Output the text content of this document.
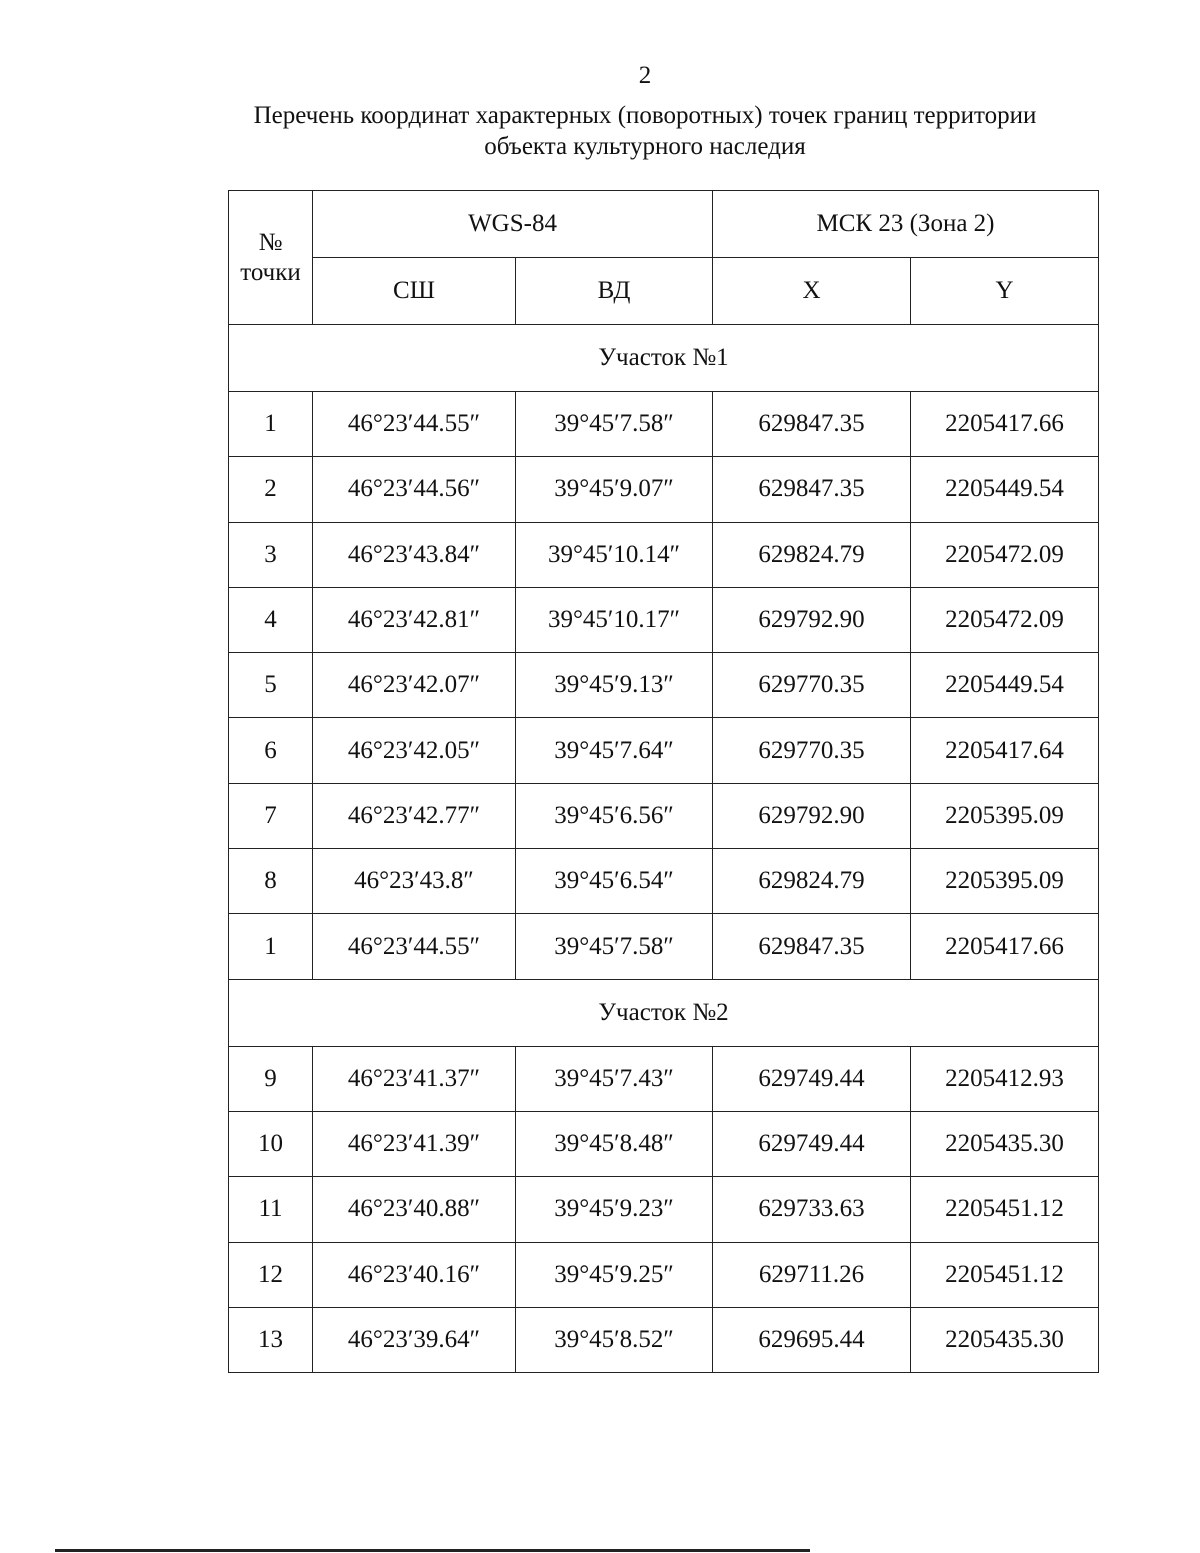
2
Перечень координат характерных (поворотных) точек границ территории
объекта культурного наследия
№
точки	WGS-84		МСК 23 (Зона 2)	
	СШ	ВД	X	Y
Участок №1				
1	46°23′44.55″	39°45′7.58″	629847.35	2205417.66
2	46°23′44.56″	39°45′9.07″	629847.35	2205449.54
3	46°23′43.84″	39°45′10.14″	629824.79	2205472.09
4	46°23′42.81″	39°45′10.17″	629792.90	2205472.09
5	46°23′42.07″	39°45′9.13″	629770.35	2205449.54
6	46°23′42.05″	39°45′7.64″	629770.35	2205417.64
7	46°23′42.77″	39°45′6.56″	629792.90	2205395.09
8	46°23′43.8″	39°45′6.54″	629824.79	2205395.09
1	46°23′44.55″	39°45′7.58″	629847.35	2205417.66
Участок №2				
9	46°23′41.37″	39°45′7.43″	629749.44	2205412.93
10	46°23′41.39″	39°45′8.48″	629749.44	2205435.30
11	46°23′40.88″	39°45′9.23″	629733.63	2205451.12
12	46°23′40.16″	39°45′9.25″	629711.26	2205451.12
13	46°23′39.64″	39°45′8.52″	629695.44	2205435.30
